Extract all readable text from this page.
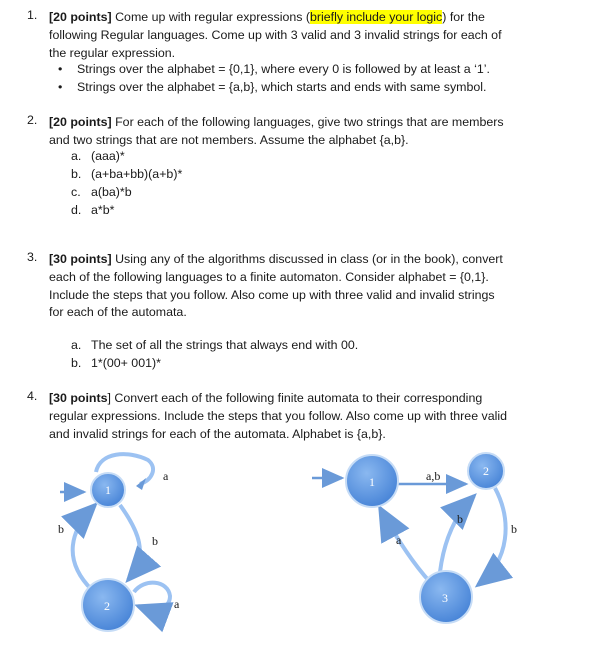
1. [20 points] Come up with regular expressions (briefly include your logic) for the
following Regular languages. Come up with 3 valid and 3 invalid strings for each of
the regular expression.
• Strings over the alphabet = {0,1}, where every 0 is followed by at least a ‘1’.
• Strings over the alphabet = {a,b}, which starts and ends with same symbol.
2. [20 points] For each of the following languages, give two strings that are members
and two strings that are not members. Assume the alphabet {a,b}.
a. (aaa)*
b. (a+ba+bb)(a+b)*
c. a(ba)*b
d. a*b*
3. [30 points] Using any of the algorithms discussed in class (or in the book), convert
each of the following languages to a finite automaton. Consider alphabet = {0,1}.
Include the steps that you follow. Also come up with three valid and invalid strings
for each of the automata.
a. The set of all the strings that always end with 00.
b. 1*(00+ 001)*
4. [30 points] Convert each of the following finite automata to their corresponding
regular expressions. Include the steps that you follow. Also come up with three valid
and invalid strings for each of the automata. Alphabet is {a,b}.
a
b
b
a
1
2
a,b
b
b
a
1
2
3
